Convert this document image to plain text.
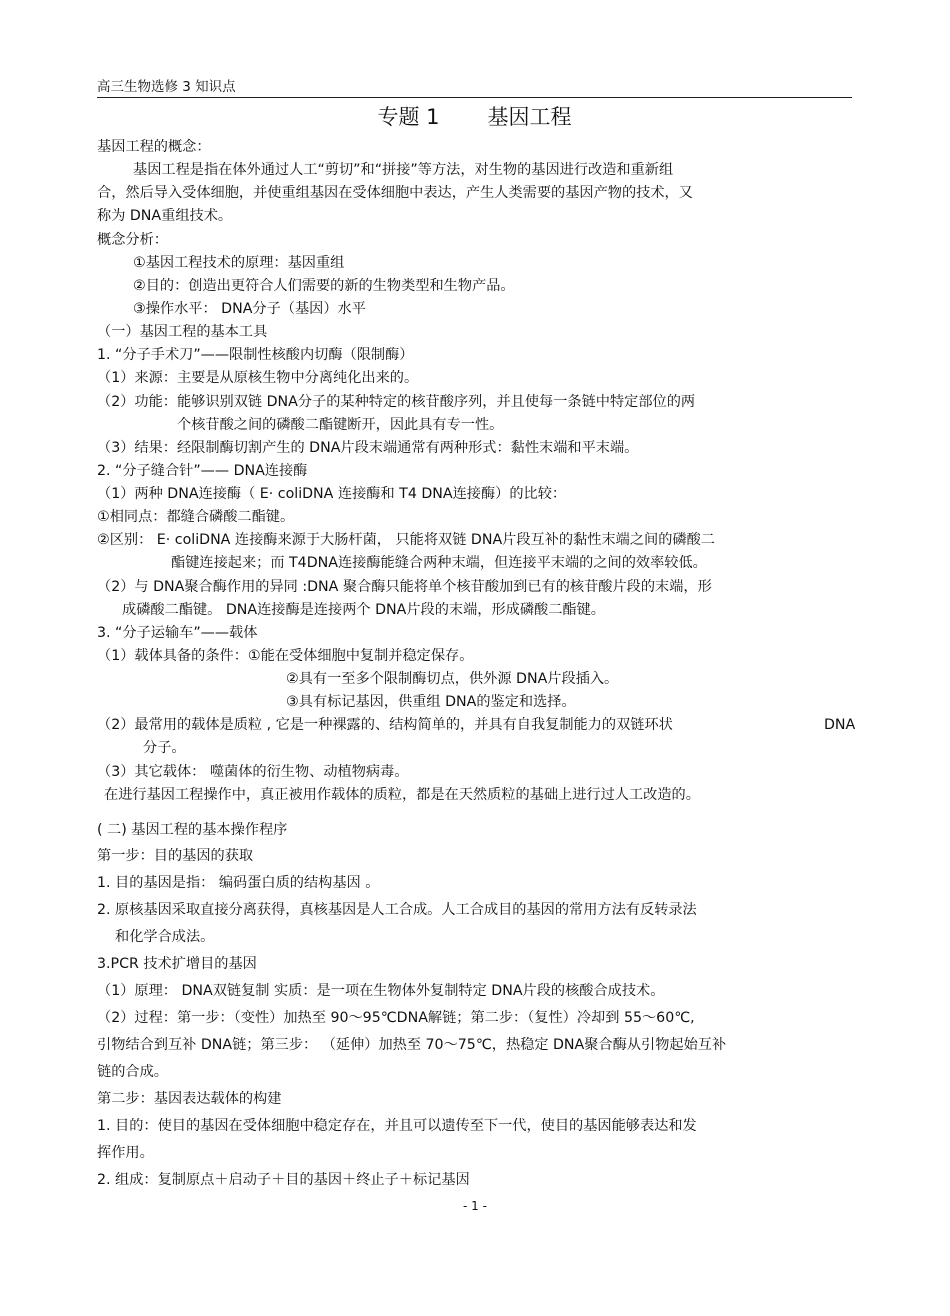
高三生物选修 3 知识点
专题 1 基因工程
基因工程的概念：
基因工程是指在体外通过人工“剪切”和“拼接”等方法，对生物的基因进行改造和重新组
合，然后导入受体细胞，并使重组基因在受体细胞中表达，产生人类需要的基因产物的技术，又
称为 DNA重组技术。
概念分析：
①基因工程技术的原理：基因重组
②目的：创造出更符合人们需要的新的生物类型和生物产品。
③操作水平： DNA分子（基因）水平
（一）基因工程的基本工具
1. “分子手术刀”——限制性核酸内切酶（限制酶）
（1）来源：主要是从原核生物中分离纯化出来的。
（2）功能：能够识别双链 DNA分子的某种特定的核苷酸序列，并且使每一条链中特定部位的两
个核苷酸之间的磷酸二酯键断开，因此具有专一性。
（3）结果：经限制酶切割产生的 DNA片段末端通常有两种形式：黏性末端和平末端。
2. “分子缝合针”—— DNA连接酶
（1）两种 DNA连接酶（ E· coliDNA 连接酶和 T4 DNA连接酶）的比较：
①相同点：都缝合磷酸二酯键。
②区别： E· coliDNA 连接酶来源于大肠杆菌， 只能将双链 DNA片段互补的黏性末端之间的磷酸二
酯键连接起来；而 T4DNA连接酶能缝合两种末端，但连接平末端的之间的效率较低。
（2）与 DNA聚合酶作用的异同 :DNA 聚合酶只能将单个核苷酸加到已有的核苷酸片段的末端，形
成磷酸二酯键。 DNA连接酶是连接两个 DNA片段的末端，形成磷酸二酯键。
3. “分子运输车”——载体
（1）载体具备的条件：①能在受体细胞中复制并稳定保存。
②具有一至多个限制酶切点，供外源 DNA片段插入。
③具有标记基因，供重组 DNA的鉴定和选择。
（2）最常用的载体是质粒 , 它是一种裸露的、结构简单的，并具有自我复制能力的双链环状	DNA
分子。
（3）其它载体： 噬菌体的衍生物、动植物病毒。
在进行基因工程操作中，真正被用作载体的质粒，都是在天然质粒的基础上进行过人工改造的。
( 二) 基因工程的基本操作程序
第一步：目的基因的获取
1. 目的基因是指： 编码蛋白质的结构基因 。
2. 原核基因采取直接分离获得，真核基因是人工合成。人工合成目的基因的常用方法有反转录法
和化学合成法。
3.PCR 技术扩增目的基因
（1）原理： DNA双链复制 实质：是一项在生物体外复制特定 DNA片段的核酸合成技术。
（2）过程：第一步：（变性）加热至 90～95℃DNA解链；第二步：（复性）冷却到 55～60℃,
引物结合到互补 DNA链；第三步： （延伸）加热至 70～75℃，热稳定 DNA聚合酶从引物起始互补
链的合成。
第二步：基因表达载体的构建
1. 目的：使目的基因在受体细胞中稳定存在，并且可以遗传至下一代，使目的基因能够表达和发
挥作用。
2. 组成：复制原点＋启动子＋目的基因＋终止子＋标记基因
- 1 -
